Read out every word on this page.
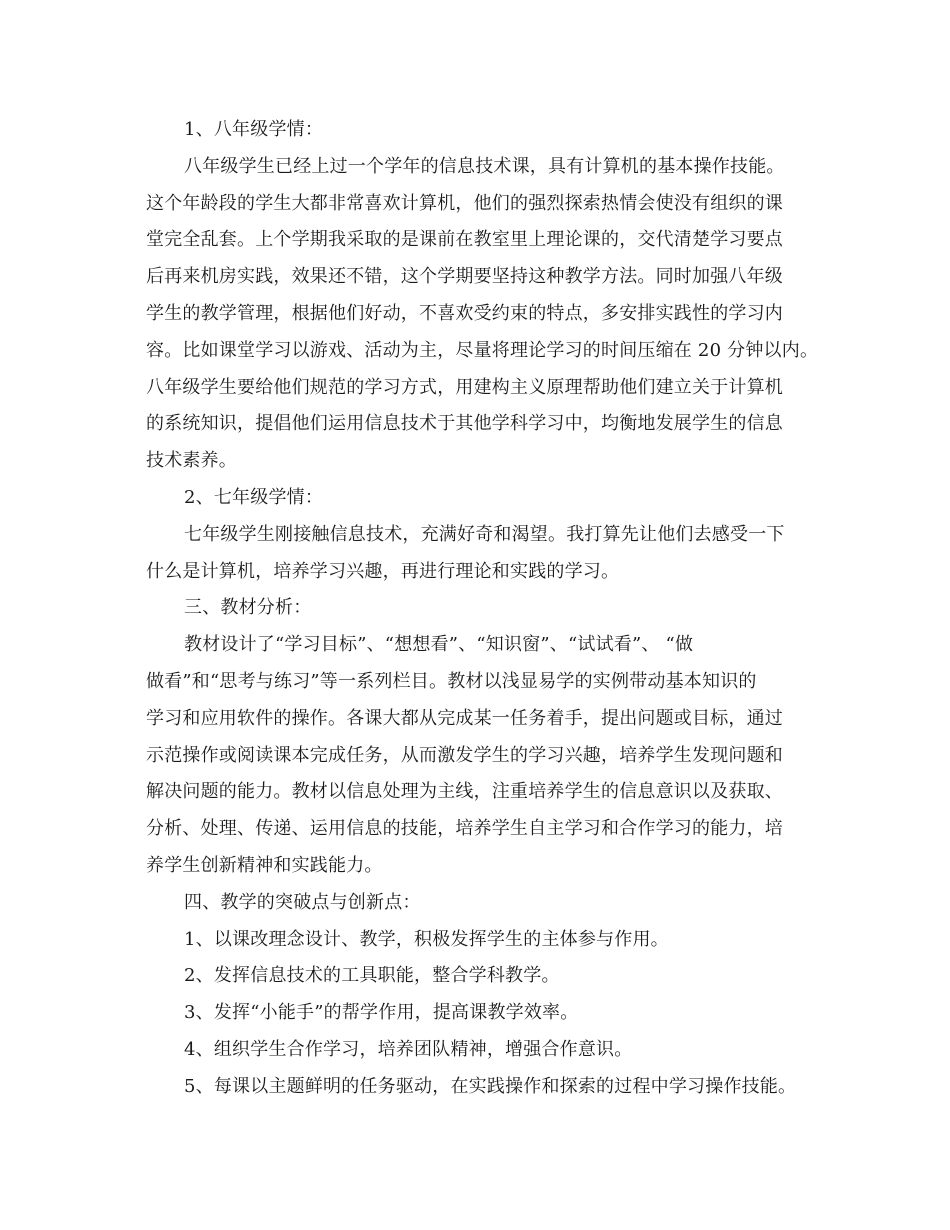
1、八年级学情：
八年级学生已经上过一个学年的信息技术课，具有计算机的基本操作技能。
这个年龄段的学生大都非常喜欢计算机，他们的强烈探索热情会使没有组织的课
堂完全乱套。上个学期我采取的是课前在教室里上理论课的，交代清楚学习要点
后再来机房实践，效果还不错，这个学期要坚持这种教学方法。同时加强八年级
学生的教学管理，根据他们好动，不喜欢受约束的特点，多安排实践性的学习内
容。比如课堂学习以游戏、活动为主，尽量将理论学习的时间压缩在 20 分钟以内。
八年级学生要给他们规范的学习方式，用建构主义原理帮助他们建立关于计算机
的系统知识，提倡他们运用信息技术于其他学科学习中，均衡地发展学生的信息
技术素养。
2、七年级学情：
七年级学生刚接触信息技术，充满好奇和渴望。我打算先让他们去感受一下
什么是计算机，培养学习兴趣，再进行理论和实践的学习。
三、教材分析：
教材设计了“学习目标”、“想想看”、“知识窗”、“试试看”、 “做
做看”和“思考与练习”等一系列栏目。教材以浅显易学的实例带动基本知识的
学习和应用软件的操作。各课大都从完成某一任务着手，提出问题或目标，通过
示范操作或阅读课本完成任务，从而激发学生的学习兴趣，培养学生发现问题和
解决问题的能力。教材以信息处理为主线，注重培养学生的信息意识以及获取、
分析、处理、传递、运用信息的技能，培养学生自主学习和合作学习的能力，培
养学生创新精神和实践能力。
四、教学的突破点与创新点：
1、以课改理念设计、教学，积极发挥学生的主体参与作用。
2、发挥信息技术的工具职能，整合学科教学。
3、发挥“小能手”的帮学作用，提高课教学效率。
4、组织学生合作学习，培养团队精神，增强合作意识。
5、每课以主题鲜明的任务驱动，在实践操作和探索的过程中学习操作技能。
